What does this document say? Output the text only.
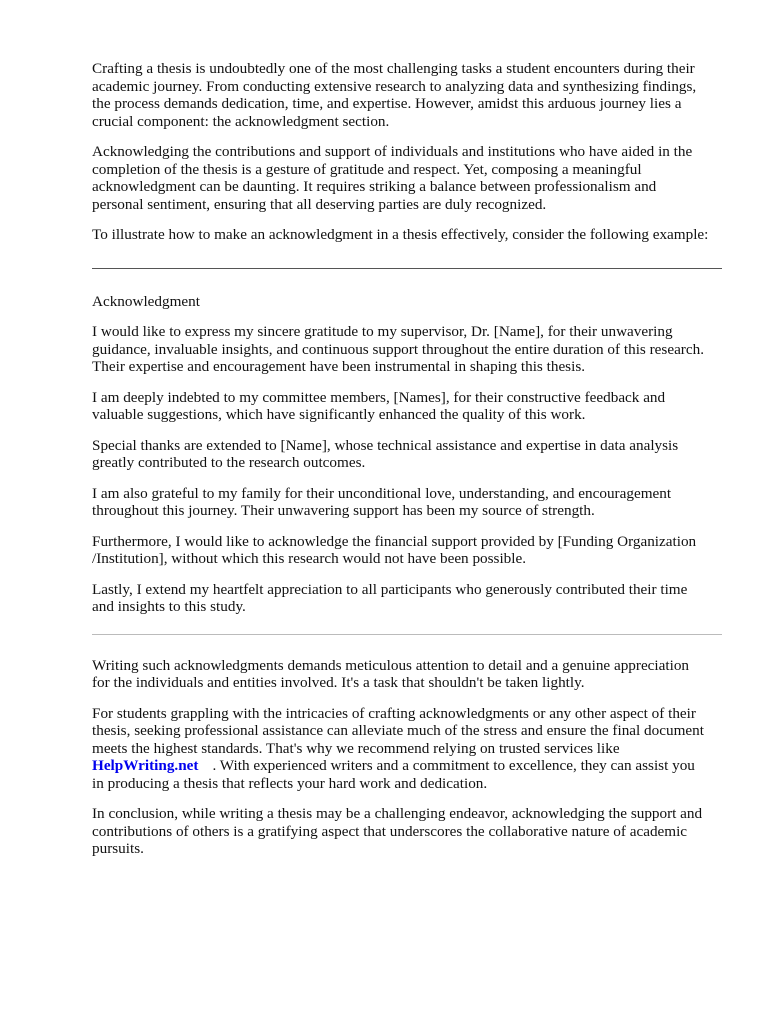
Crafting a thesis is undoubtedly one of the most challenging tasks a student encounters during their
academic journey. From conducting extensive research to analyzing data and synthesizing findings,
the process demands dedication, time, and expertise. However, amidst this arduous journey lies a
crucial component: the acknowledgment section.

Acknowledging the contributions and support of individuals and institutions who have aided in the
completion of the thesis is a gesture of gratitude and respect. Yet, composing a meaningful
acknowledgment can be daunting. It requires striking a balance between professionalism and
personal sentiment, ensuring that all deserving parties are duly recognized.

To illustrate how to make an acknowledgment in a thesis effectively, consider the following example:

Acknowledgment

I would like to express my sincere gratitude to my supervisor, Dr. [Name], for their unwavering
guidance, invaluable insights, and continuous support throughout the entire duration of this research.
Their expertise and encouragement have been instrumental in shaping this thesis.

I am deeply indebted to my committee members, [Names], for their constructive feedback and
valuable suggestions, which have significantly enhanced the quality of this work.

Special thanks are extended to [Name], whose technical assistance and expertise in data analysis
greatly contributed to the research outcomes.

I am also grateful to my family for their unconditional love, understanding, and encouragement
throughout this journey. Their unwavering support has been my source of strength.

Furthermore, I would like to acknowledge the financial support provided by [Funding Organization
/Institution], without which this research would not have been possible.

Lastly, I extend my heartfelt appreciation to all participants who generously contributed their time
and insights to this study.

Writing such acknowledgments demands meticulous attention to detail and a genuine appreciation
for the individuals and entities involved. It's a task that shouldn't be taken lightly.

For students grappling with the intricacies of crafting acknowledgments or any other aspect of their
thesis, seeking professional assistance can alleviate much of the stress and ensure the final document
meets the highest standards. That's why we recommend relying on trusted services like
HelpWriting.net . With experienced writers and a commitment to excellence, they can assist you
in producing a thesis that reflects your hard work and dedication.

In conclusion, while writing a thesis may be a challenging endeavor, acknowledging the support and
contributions of others is a gratifying aspect that underscores the collaborative nature of academic
pursuits.
